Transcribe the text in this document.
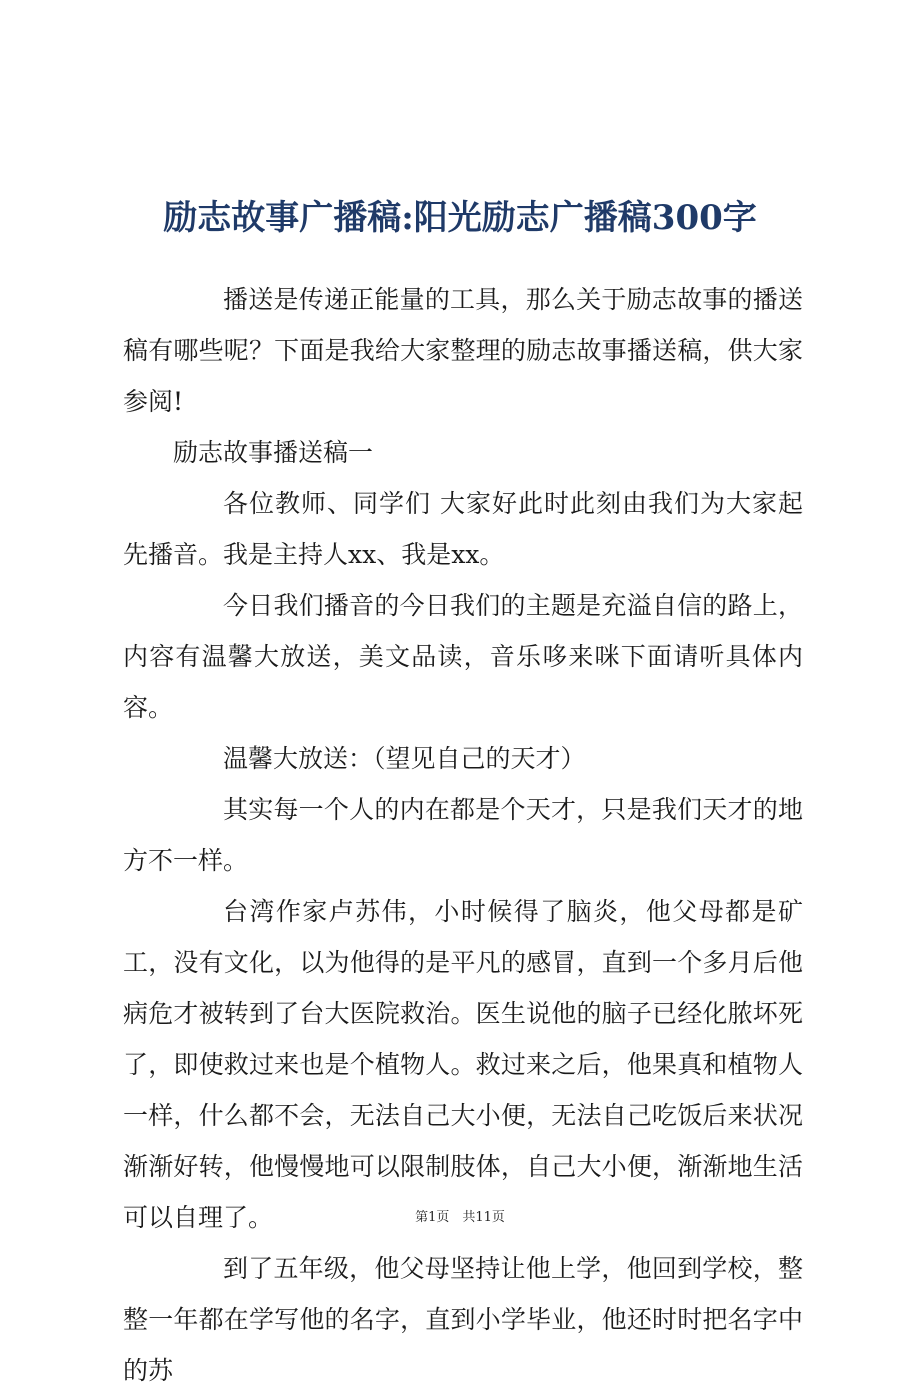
励志故事广播稿:阳光励志广播稿300字

播送是传递正能量的工具，那么关于励志故事的播送稿有哪些呢？下面是我给大家整理的励志故事播送稿，供大家参阅!

励志故事播送稿一

各位教师、同学们 大家好此时此刻由我们为大家起先播音。我是主持人xx、我是xx。

今日我们播音的今日我们的主题是充溢自信的路上，内容有温馨大放送，美文品读，音乐哆来咪下面请听具体内容。

温馨大放送：（望见自己的天才）

其实每一个人的内在都是个天才，只是我们天才的地方不一样。

台湾作家卢苏伟，小时候得了脑炎，他父母都是矿工，没有文化，以为他得的是平凡的感冒，直到一个多月后他病危才被转到了台大医院救治。医生说他的脑子已经化脓坏死了，即使救过来也是个植物人。救过来之后，他果真和植物人一样，什么都不会，无法自己大小便，无法自己吃饭后来状况渐渐好转，他慢慢地可以限制肢体，自己大小便，渐渐地生活可以自理了。

到了五年级，他父母坚持让他上学，他回到学校，整整一年都在学写他的名字，直到小学毕业，他还时时把名字中的苏

第1页　共11页
